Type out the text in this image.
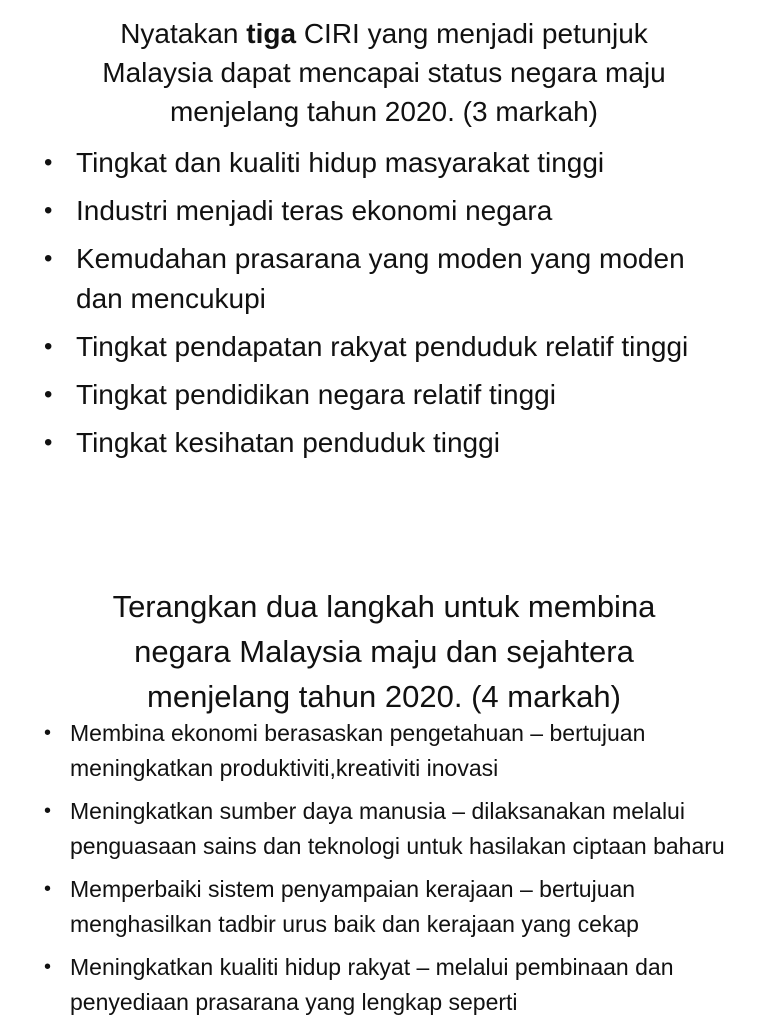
Nyatakan tiga CIRI yang menjadi petunjuk
Malaysia dapat mencapai status negara maju
menjelang tahun 2020. (3 markah)
• Tingkat dan kualiti hidup masyarakat tinggi
• Industri menjadi teras ekonomi negara
• Kemudahan prasarana yang moden yang moden dan mencukupi
• Tingkat pendapatan rakyat penduduk relatif tinggi
• Tingkat pendidikan negara relatif tinggi
• Tingkat kesihatan penduduk tinggi
Terangkan dua langkah untuk membina
negara Malaysia maju dan sejahtera
menjelang tahun 2020. (4 markah)
• Membina ekonomi berasaskan pengetahuan – bertujuan meningkatkan produktiviti,kreativiti inovasi
• Meningkatkan sumber daya manusia – dilaksanakan melalui penguasaan sains dan teknologi untuk hasilakan ciptaan baharu
• Memperbaiki sistem penyampaian kerajaan – bertujuan menghasilkan tadbir urus baik dan kerajaan yang cekap
• Meningkatkan kualiti hidup rakyat – melalui pembinaan dan penyediaan prasarana yang lengkap seperti
